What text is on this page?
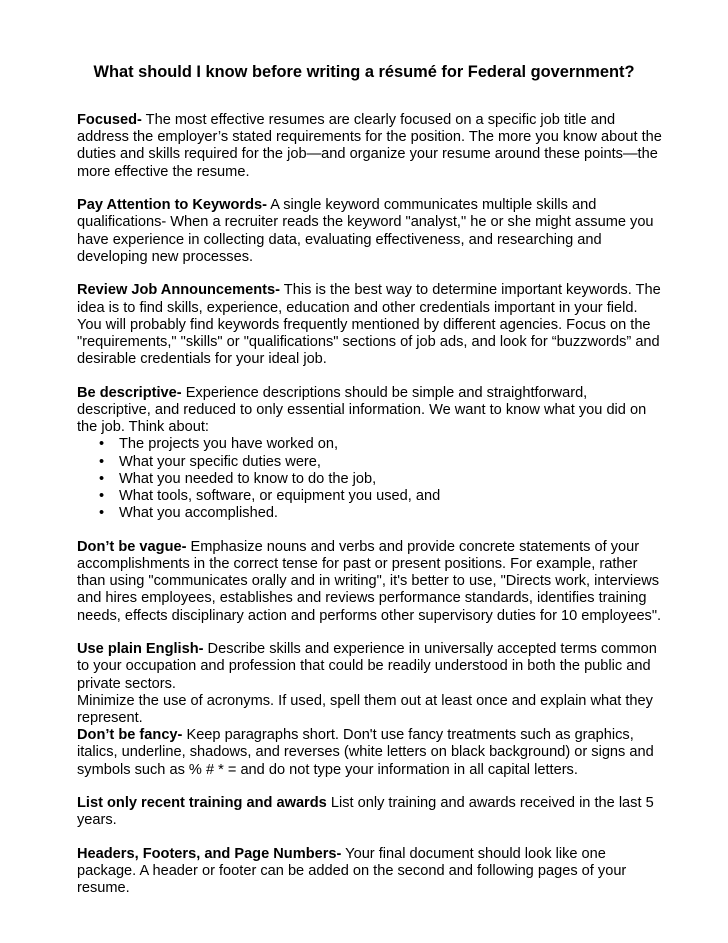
What should I know before writing a résumé for Federal government?

Focused- The most effective resumes are clearly focused on a specific job title and
address the employer’s stated requirements for the position. The more you know about the
duties and skills required for the job—and organize your resume around these points—the
more effective the resume.

Pay Attention to Keywords- A single keyword communicates multiple skills and
qualifications- When a recruiter reads the keyword "analyst," he or she might assume you
have experience in collecting data, evaluating effectiveness, and researching and
developing new processes.

Review Job Announcements- This is the best way to determine important keywords. The
idea is to find skills, experience, education and other credentials important in your field.
You will probably find keywords frequently mentioned by different agencies. Focus on the
"requirements," "skills" or "qualifications" sections of job ads, and look for “buzzwords” and
desirable credentials for your ideal job.

Be descriptive- Experience descriptions should be simple and straightforward,
descriptive, and reduced to only essential information. We want to know what you did on
the job. Think about:
• The projects you have worked on,
• What your specific duties were,
• What you needed to know to do the job,
• What tools, software, or equipment you used, and
• What you accomplished.

Don’t be vague- Emphasize nouns and verbs and provide concrete statements of your
accomplishments in the correct tense for past or present positions. For example, rather
than using "communicates orally and in writing", it's better to use, "Directs work, interviews
and hires employees, establishes and reviews performance standards, identifies training
needs, effects disciplinary action and performs other supervisory duties for 10 employees".

Use plain English- Describe skills and experience in universally accepted terms common
to your occupation and profession that could be readily understood in both the public and
private sectors.
Minimize the use of acronyms. If used, spell them out at least once and explain what they
represent.

Don’t be fancy- Keep paragraphs short. Don't use fancy treatments such as graphics,
italics, underline, shadows, and reverses (white letters on black background) or signs and
symbols such as % # * = and do not type your information in all capital letters.

List only recent training and awards List only training and awards received in the last 5
years.

Headers, Footers, and Page Numbers- Your final document should look like one
package. A header or footer can be added on the second and following pages of your
resume.
